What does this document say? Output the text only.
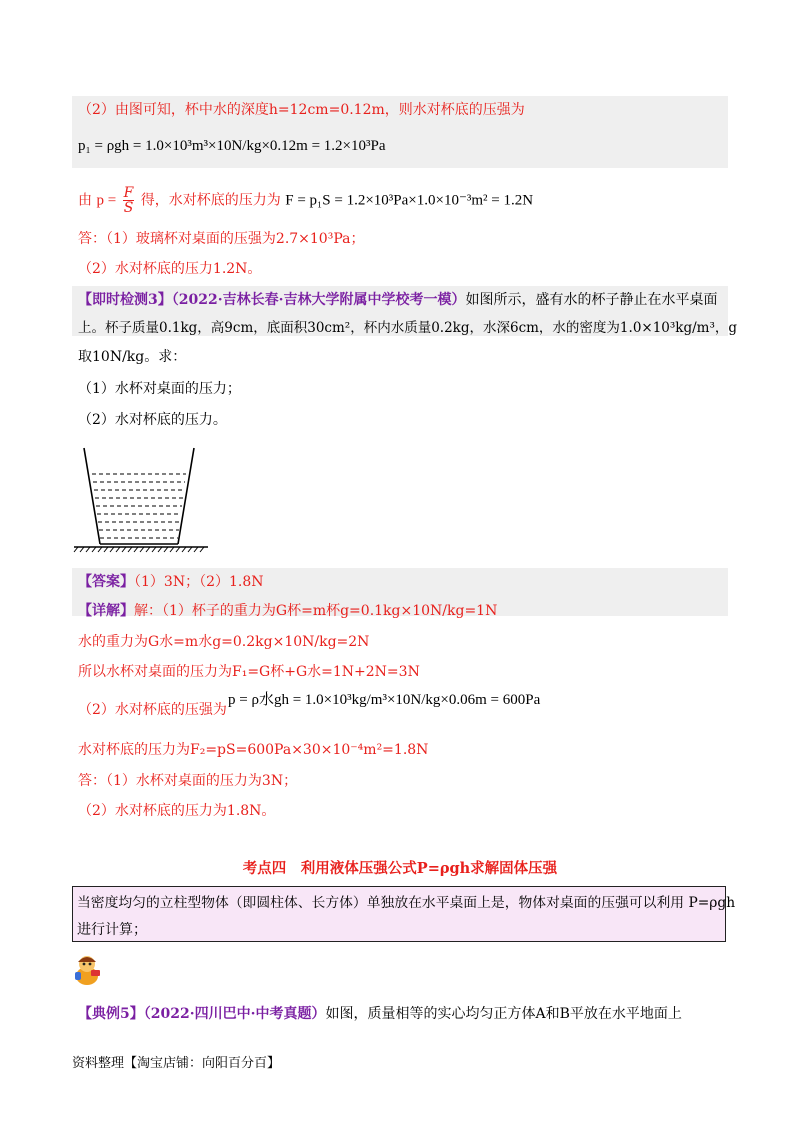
（2）由图可知，杯中水的深度h=12cm=0.12m，则水对杯底的压强为
p₁ = ρgh = 1.0×10³m³×10N/kg×0.12m = 1.2×10³Pa
由 $p = \frac{F}{S}$ 得，水对杯底的压力为 F = p₁S = 1.2×10³Pa×1.0×10⁻³m² = 1.2N
答：（1）玻璃杯对桌面的压强为2.7×10³Pa；
（2）水对杯底的压力1.2N。
【即时检测3】（2022·吉林长春·吉林大学附属中学校考一模）如图所示，盛有水的杯子静止在水平桌面
上。杯子质量0.1kg，高9cm，底面积30cm²，杯内水质量0.2kg，水深6cm，水的密度为1.0×10³kg/m³，g
取10N/kg。求：
（1）水杯对桌面的压力；
（2）水对杯底的压力。
【答案】（1）3N；（2）1.8N
【详解】解：（1）杯子的重力为G杯=m杯g=0.1kg×10N/kg=1N
水的重力为G水=m水g=0.2kg×10N/kg=2N
所以水杯对桌面的压力为F₁=G杯+G水=1N+2N=3N
（2）水对杯底的压强为
p = ρ水gh = 1.0×10³kg/m³×10N/kg×0.06m = 600Pa
水对杯底的压力为F₂=pS=600Pa×30×10⁻⁴m²=1.8N
答：（1）水杯对桌面的压力为3N；
（2）水对杯底的压力为1.8N。
考点四　利用液体压强公式P=ρgh求解固体压强
当密度均匀的立柱型物体（即圆柱体、长方体）单独放在水平桌面上是，物体对桌面的压强可以利用 P=ρgh
进行计算；
【典例5】（2022·四川巴中·中考真题）如图，质量相等的实心均匀正方体A和B平放在水平地面上
资料整理【淘宝店铺：向阳百分百】
